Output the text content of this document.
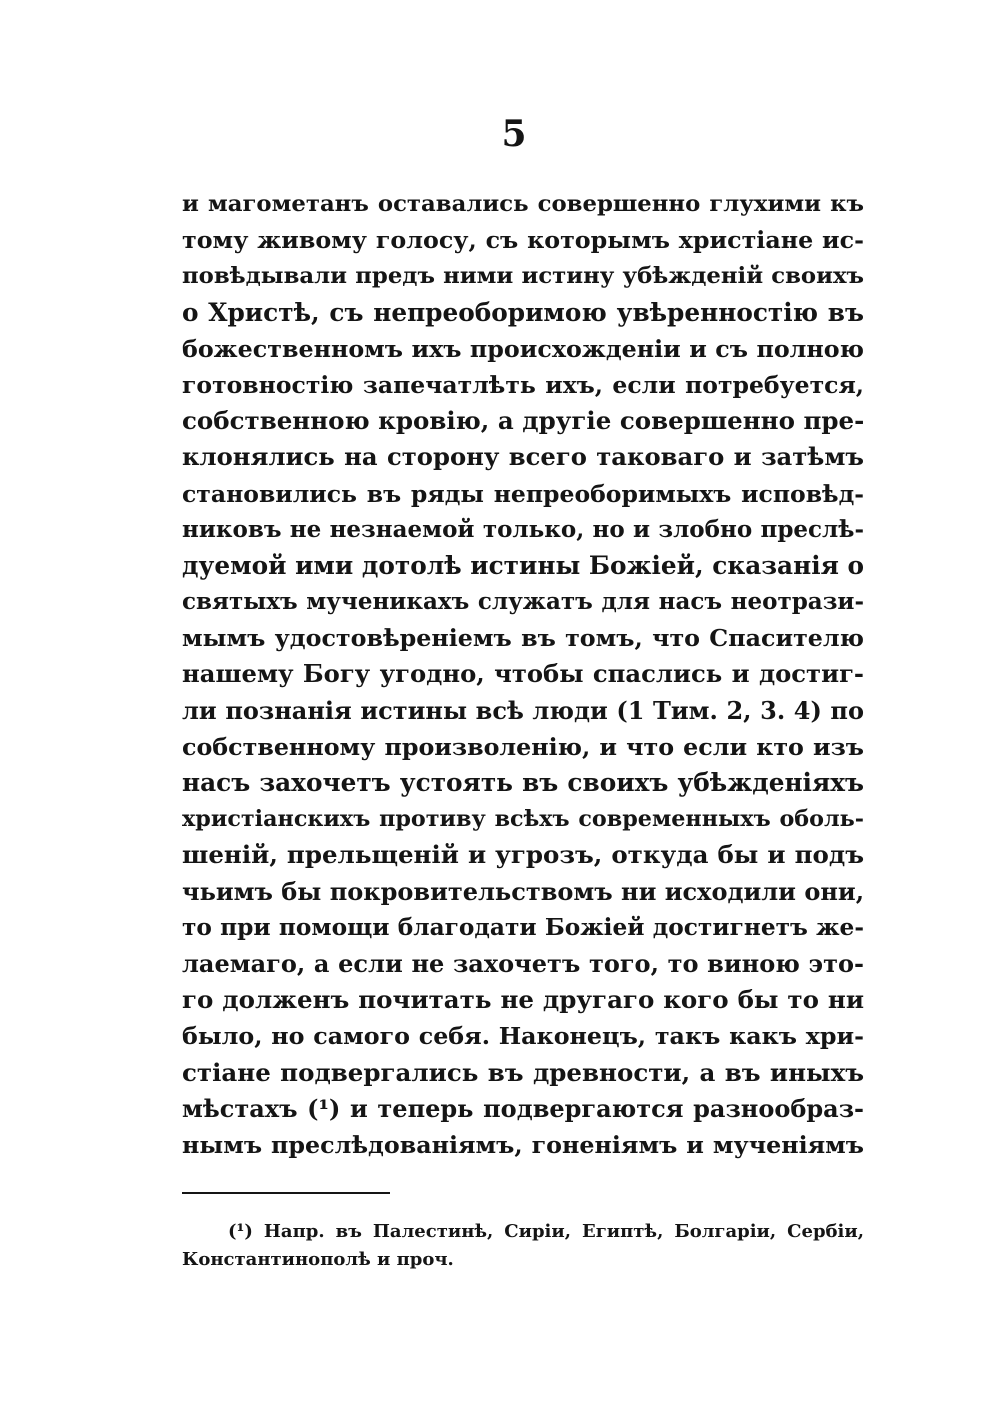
5
и магометанъ оставались совершенно глухими къ
тому живому голосу, съ которымъ христіане ис-
повѣдывали предъ ними истину убѣжденій своихъ
о Христѣ, съ непреоборимою увѣренностію въ
божественномъ ихъ происхожденіи и съ полною
готовностію запечатлѣть ихъ, если потребуется,
собственною кровію, а другіе совершенно пре-
клонялись на сторону всего таковаго и затѣмъ
становились въ ряды непреоборимыхъ исповѣд-
никовъ не незнаемой только, но и злобно преслѣ-
дуемой ими дотолѣ истины Божіей, сказанія о
святыхъ мученикахъ служатъ для насъ неотрази-
мымъ удостовѣреніемъ въ томъ, что Спасителю
нашему Богу угодно, чтобы спаслись и достиг-
ли познанія истины всѣ люди (1 Тим. 2, 3. 4) по
собственному произволенію, и что если кто изъ
насъ захочетъ устоять въ своихъ убѣжденіяхъ
христіанскихъ противу всѣхъ современныхъ оболь-
шеній, прельщеній и угрозъ, откуда бы и подъ
чьимъ бы покровительствомъ ни исходили они,
то при помощи благодати Божіей достигнетъ же-
лаемаго, а если не захочетъ того, то виною это-
го долженъ почитать не другаго кого бы то ни
было, но самого себя. Наконецъ, такъ какъ хри-
стіане подвергались въ древности, а въ иныхъ
мѣстахъ (¹) и теперь подвергаются разнообраз-
нымъ преслѣдованіямъ, гоненіямъ и мученіямъ
(¹) Напр. въ Палестинѣ, Сиріи, Египтѣ, Болгаріи, Сербіи,
Константинополѣ и проч.
